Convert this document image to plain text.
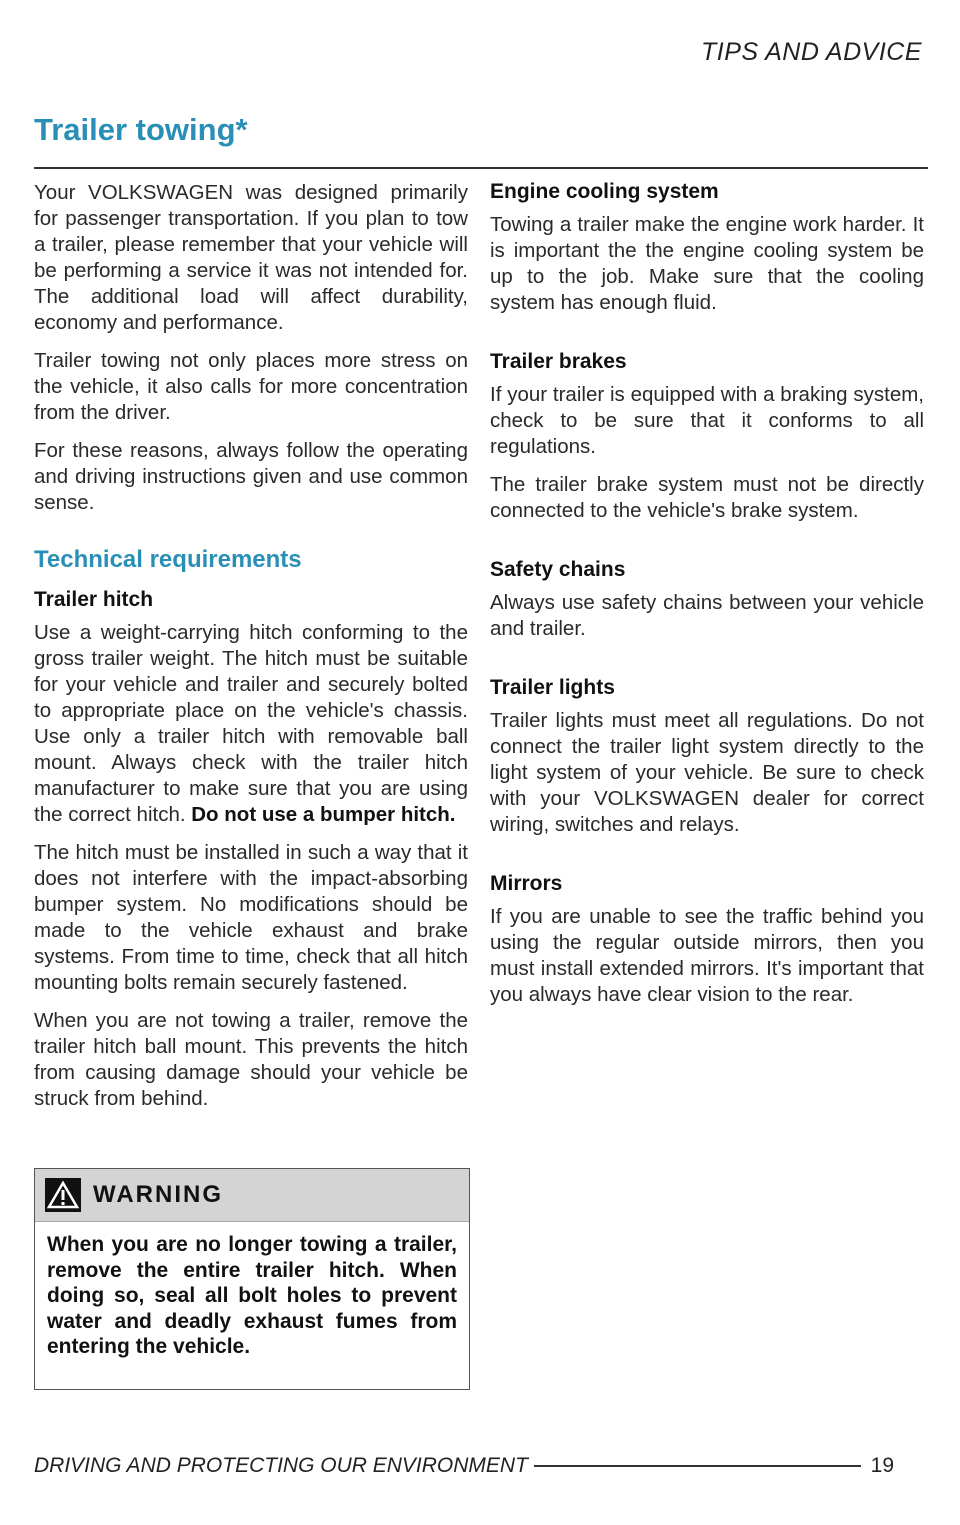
TIPS AND ADVICE
Trailer towing*

Your VOLKSWAGEN was designed primarily for passenger transportation. If you plan to tow a trailer, please remember that your vehicle will be performing a service it was not intended for. The additional load will affect durability, economy and performance.

Trailer towing not only places more stress on the vehicle, it also calls for more concentration from the driver.

For these reasons, always follow the operating and driving instructions given and use common sense.

Technical requirements
Trailer hitch

Use a weight-carrying hitch conforming to the gross trailer weight. The hitch must be suitable for your vehicle and trailer and securely bolted to appropriate place on the vehicle's chassis. Use only a trailer hitch with removable ball mount. Always check with the trailer hitch manufacturer to make sure that you are using the correct hitch. Do not use a bumper hitch.

The hitch must be installed in such a way that it does not interfere with the impact-absorbing bumper system. No modifications should be made to the vehicle exhaust and brake systems. From time to time, check that all hitch mounting bolts remain securely fastened.

When you are not towing a trailer, remove the trailer hitch ball mount. This prevents the hitch from causing damage should your vehicle be struck from behind.

WARNING

When you are no longer towing a trailer, remove the entire trailer hitch. When doing so, seal all bolt holes to prevent water and deadly exhaust fumes from entering the vehicle.

Engine cooling system

Towing a trailer make the engine work harder. It is important the the engine cooling system be up to the job. Make sure that the cooling system has enough fluid.

Trailer brakes

If your trailer is equipped with a braking system, check to be sure that it conforms to all regulations.

The trailer brake system must not be directly connected to the vehicle's brake system.

Safety chains

Always use safety chains between your vehicle and trailer.

Trailer lights

Trailer lights must meet all regulations. Do not connect the trailer light system directly to the light system of your vehicle. Be sure to check with your VOLKSWAGEN dealer for correct wiring, switches and relays.

Mirrors

If you are unable to see the traffic behind you using the regular outside mirrors, then you must install extended mirrors. It's important that you always have clear vision to the rear.

DRIVING AND PROTECTING OUR ENVIRONMENT	19
